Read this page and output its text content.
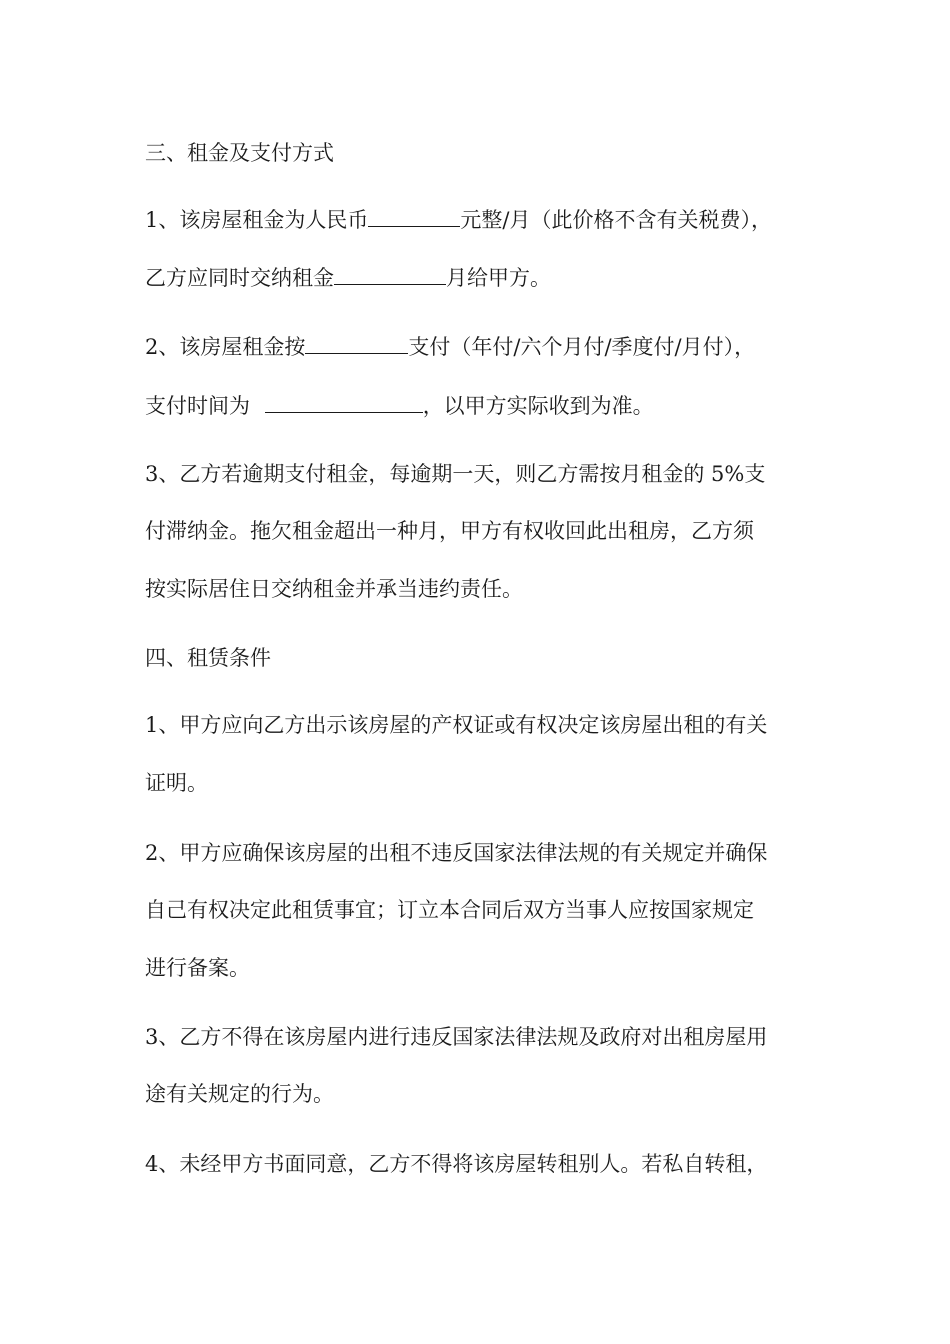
三、租金及支付方式
1、该房屋租金为人民币	元整/月（此价格不含有关税费），
乙方应同时交纳租金	月给甲方。
2、该房屋租金按	支付（年付/六个月付/季度付/月付），
支付时间为	，以甲方实际收到为准。
3、乙方若逾期支付租金，每逾期一天，则乙方需按月租金的 5%支
付滞纳金。拖欠租金超出一种月，甲方有权收回此出租房，乙方须
按实际居住日交纳租金并承当违约责任。
四、租赁条件
1、甲方应向乙方出示该房屋的产权证或有权决定该房屋出租的有关
证明。
2、甲方应确保该房屋的出租不违反国家法律法规的有关规定并确保
自己有权决定此租赁事宜；订立本合同后双方当事人应按国家规定
进行备案。
3、乙方不得在该房屋内进行违反国家法律法规及政府对出租房屋用
途有关规定的行为。
4、未经甲方书面同意，乙方不得将该房屋转租别人。若私自转租，
